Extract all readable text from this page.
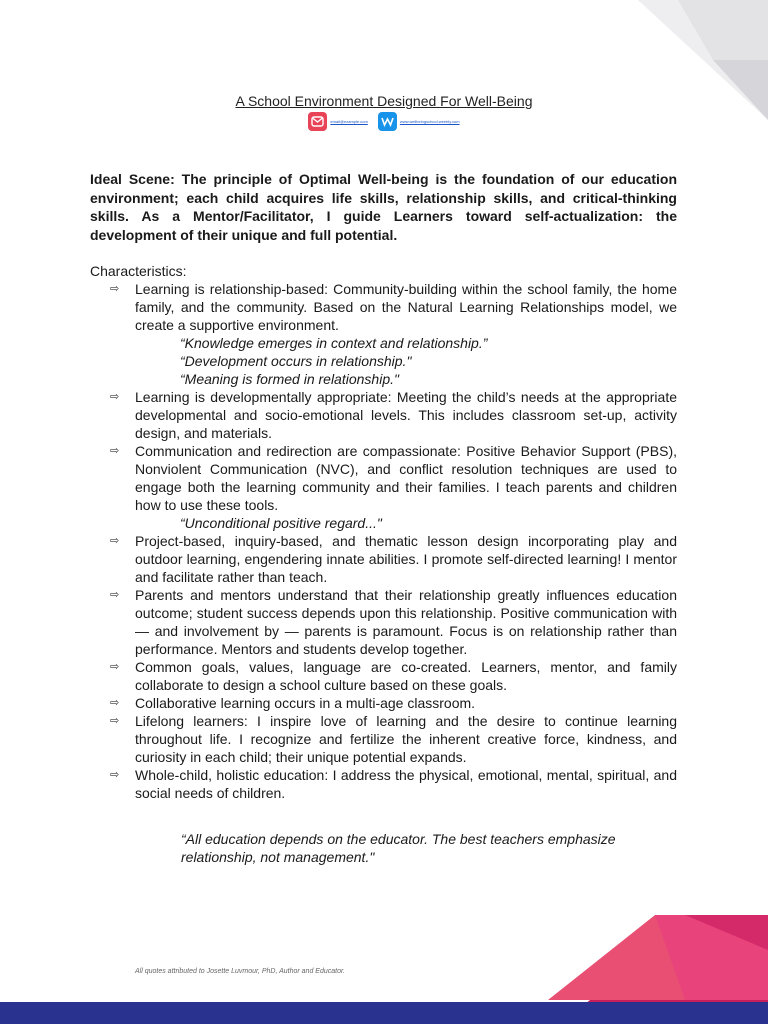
A School Environment Designed For Well-Being
email@example.com	www.wellbeingschool.weebly.com

Ideal Scene: The principle of Optimal Well-being is the foundation of our education environment; each child acquires life skills, relationship skills, and critical-thinking skills. As a Mentor/Facilitator, I guide Learners toward self-actualization: the development of their unique and full potential.

Characteristics:
⇨ Learning is relationship-based: Community-building within the school family, the home family, and the community. Based on the Natural Learning Relationships model, we create a supportive environment.
“Knowledge emerges in context and relationship.”
“Development occurs in relationship."
“Meaning is formed in relationship."
⇨ Learning is developmentally appropriate: Meeting the child’s needs at the appropriate developmental and socio-emotional levels. This includes classroom set-up, activity design, and materials.
⇨ Communication and redirection are compassionate: Positive Behavior Support (PBS), Nonviolent Communication (NVC), and conflict resolution techniques are used to engage both the learning community and their families. I teach parents and children how to use these tools.
“Unconditional positive regard..."
⇨ Project-based, inquiry-based, and thematic lesson design incorporating play and outdoor learning, engendering innate abilities. I promote self-directed learning! I mentor and facilitate rather than teach.
⇨ Parents and mentors understand that their relationship greatly influences education outcome; student success depends upon this relationship. Positive communication with — and involvement by — parents is paramount. Focus is on relationship rather than performance. Mentors and students develop together.
⇨ Common goals, values, language are co-created. Learners, mentor, and family collaborate to design a school culture based on these goals.
⇨ Collaborative learning occurs in a multi-age classroom.
⇨ Lifelong learners: I inspire love of learning and the desire to continue learning throughout life. I recognize and fertilize the inherent creative force, kindness, and curiosity in each child; their unique potential expands.
⇨ Whole-child, holistic education: I address the physical, emotional, mental, spiritual, and social needs of children.
“All education depends on the educator. The best teachers emphasize relationship, not management."
All quotes attributed to Josette Luvmour, PhD, Author and Educator.
